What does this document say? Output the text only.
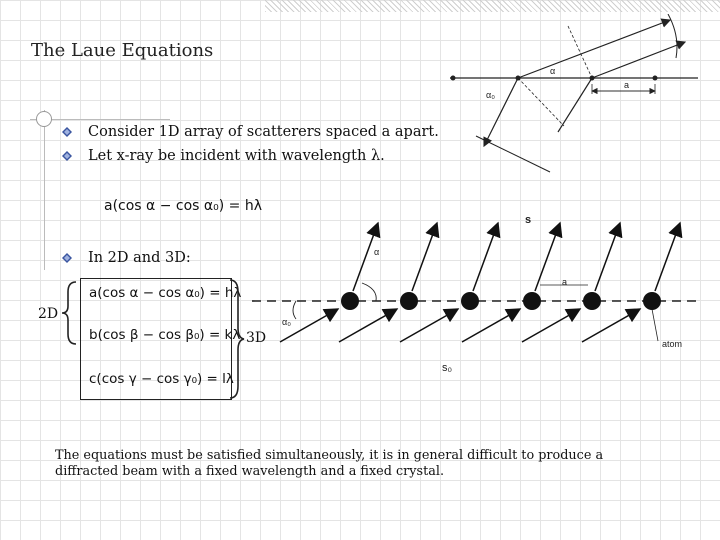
The Laue Equations
Consider 1D array of scatterers spaced a apart.
Let x-ray be incident with wavelength λ.
In 2D and 3D:
a(cos α − cos α₀) = hλ
2D
a(cos α − cos α₀) = hλ
b(cos β − cos β₀) = kλ
c(cos γ − cos γ₀) = lλ
3D
α
α₀
a
s
s₀
α
α₀
a
atom
The equations must be satisfied simultaneously, it is in general difficult to produce a diffracted beam with a fixed wavelength and a fixed crystal.
